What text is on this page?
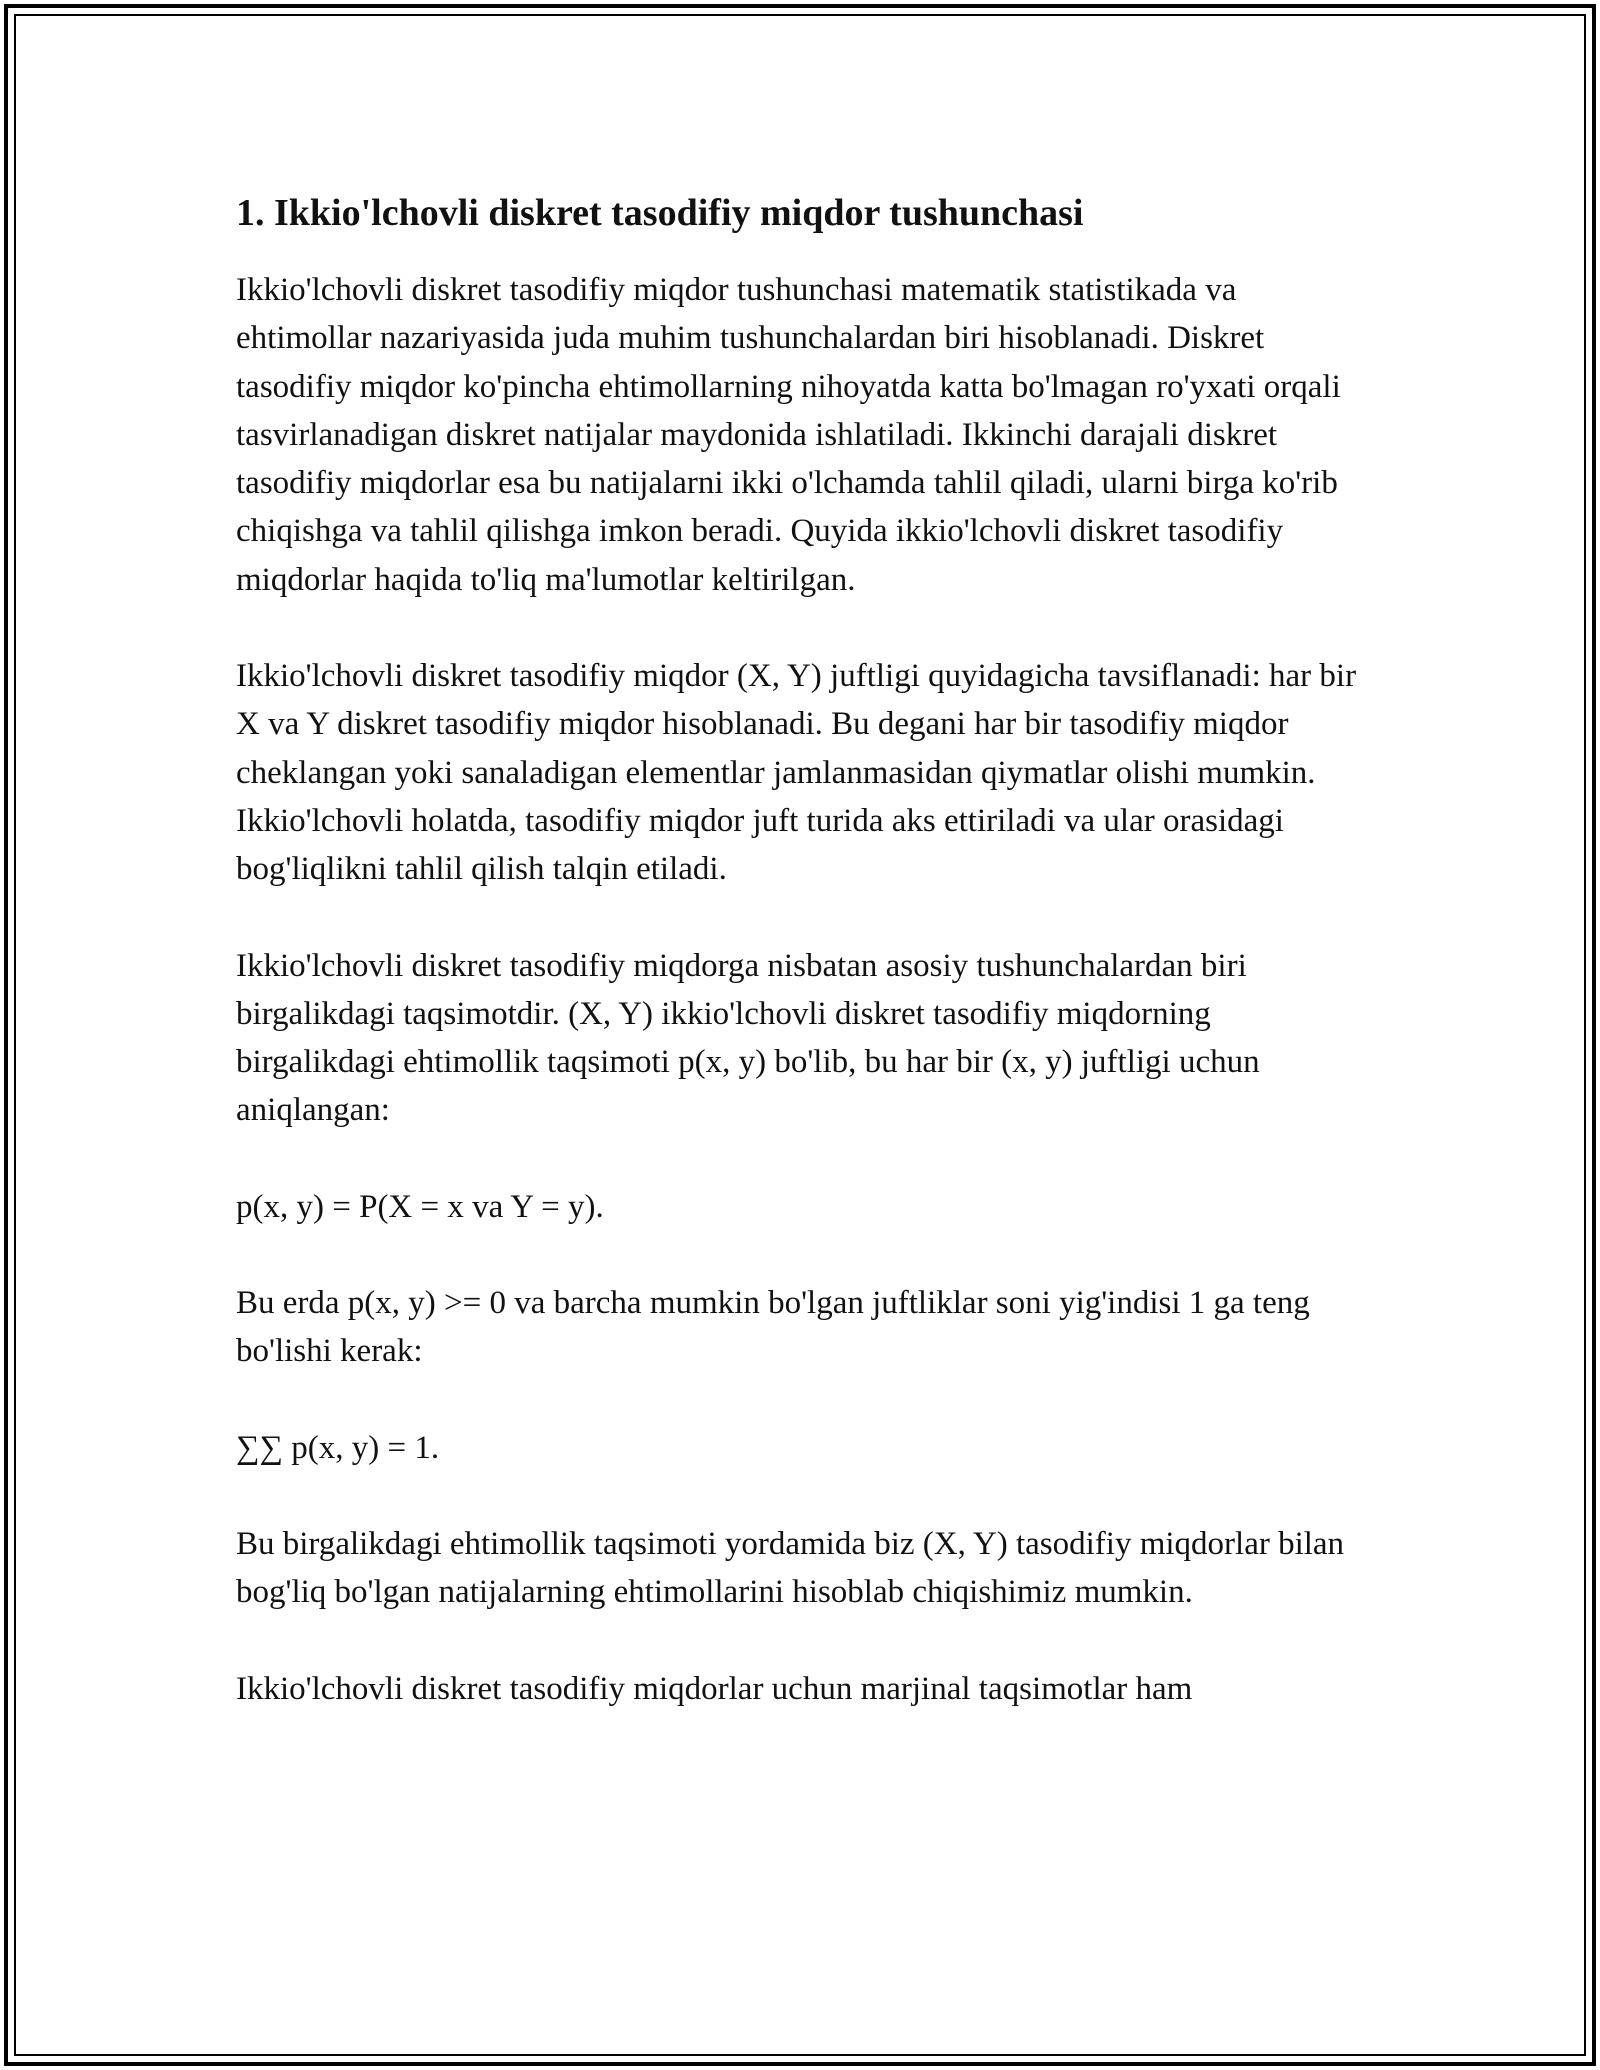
1. Ikkio'lchovli diskret tasodifiy miqdor tushunchasi

Ikkio'lchovli diskret tasodifiy miqdor tushunchasi matematik statistikada va ehtimollar nazariyasida juda muhim tushunchalardan biri hisoblanadi. Diskret tasodifiy miqdor ko'pincha ehtimollarning nihoyatda katta bo'lmagan ro'yxati orqali tasvirlanadigan diskret natijalar maydonida ishlatiladi. Ikkinchi darajali diskret tasodifiy miqdorlar esa bu natijalarni ikki o'lchamda tahlil qiladi, ularni birga ko'rib chiqishga va tahlil qilishga imkon beradi. Quyida ikkio'lchovli diskret tasodifiy miqdorlar haqida to'liq ma'lumotlar keltirilgan.

Ikkio'lchovli diskret tasodifiy miqdor (X, Y) juftligi quyidagicha tavsiflanadi: har bir X va Y diskret tasodifiy miqdor hisoblanadi. Bu degani har bir tasodifiy miqdor cheklangan yoki sanaladigan elementlar jamlanmasidan qiymatlar olishi mumkin. Ikkio'lchovli holatda, tasodifiy miqdor juft turida aks ettiriladi va ular orasidagi bog'liqlikni tahlil qilish talqin etiladi.

Ikkio'lchovli diskret tasodifiy miqdorga nisbatan asosiy tushunchalardan biri birgalikdagi taqsimotdir. (X, Y) ikkio'lchovli diskret tasodifiy miqdorning birgalikdagi ehtimollik taqsimoti p(x, y) bo'lib, bu har bir (x, y) juftligi uchun aniqlangan:

p(x, y) = P(X = x va Y = y).

Bu erda p(x, y) >= 0 va barcha mumkin bo'lgan juftliklar soni yig'indisi 1 ga teng bo'lishi kerak:

∑∑ p(x, y) = 1.

Bu birgalikdagi ehtimollik taqsimoti yordamida biz (X, Y) tasodifiy miqdorlar bilan bog'liq bo'lgan natijalarning ehtimollarini hisoblab chiqishimiz mumkin.

Ikkio'lchovli diskret tasodifiy miqdorlar uchun marjinal taqsimotlar ham
